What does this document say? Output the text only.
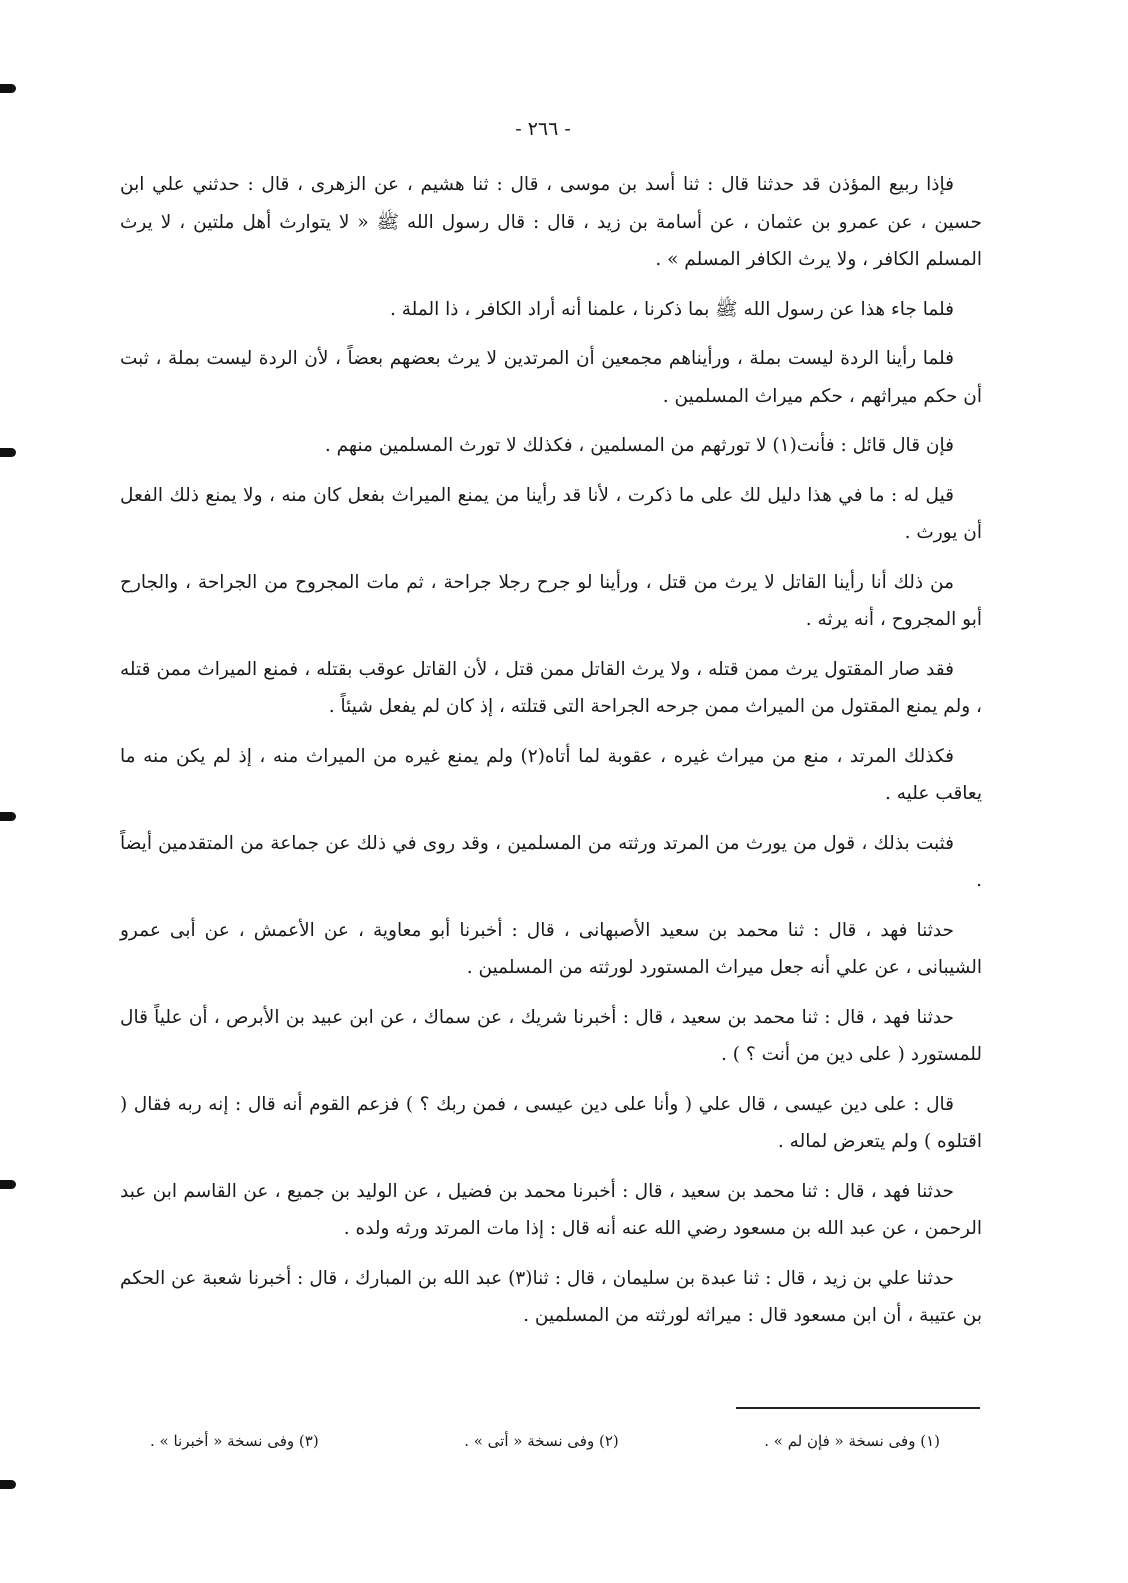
- ٢٦٦ -

فإذا ربيع المؤذن قد حدثنا قال : ثنا أسد بن موسى ، قال : ثنا هشيم ، عن الزهرى ، قال : حدثني علي ابن حسين ، عن عمرو بن عثمان ، عن أسامة بن زيد ، قال : قال رسول الله ﷺ « لا يتوارث أهل ملتين ، لا يرث المسلم الكافر ، ولا يرث الكافر المسلم » .

فلما جاء هذا عن رسول الله ﷺ بما ذكرنا ، علمنا أنه أراد الكافر ، ذا الملة .

فلما رأينا الردة ليست بملة ، ورأيناهم مجمعين أن المرتدين لا يرث بعضهم بعضاً ، لأن الردة ليست بملة ، ثبت أن حكم ميراثهم ، حكم ميراث المسلمين .

فإن قال قائل : فأنت(١) لا تورثهم من المسلمين ، فكذلك لا تورث المسلمين منهم .

قيل له : ما في هذا دليل لك على ما ذكرت ، لأنا قد رأينا من يمنع الميراث بفعل كان منه ، ولا يمنع ذلك الفعل أن يورث .

من ذلك أنا رأينا القاتل لا يرث من قتل ، ورأينا لو جرح رجلا جراحة ، ثم مات المجروح من الجراحة ، والجارح أبو المجروح ، أنه يرثه .

فقد صار المقتول يرث ممن قتله ، ولا يرث القاتل ممن قتل ، لأن القاتل عوقب بقتله ، فمنع الميراث ممن قتله ، ولم يمنع المقتول من الميراث ممن جرحه الجراحة التى قتلته ، إذ كان لم يفعل شيئاً .

فكذلك المرتد ، منع من ميراث غيره ، عقوبة لما أتاه(٢) ولم يمنع غيره من الميراث منه ، إذ لم يكن منه ما يعاقب عليه .

فثبت بذلك ، قول من يورث من المرتد ورثته من المسلمين ، وقد روى في ذلك عن جماعة من المتقدمين أيضاً .

حدثنا فهد ، قال : ثنا محمد بن سعيد الأصبهانى ، قال : أخبرنا أبو معاوية ، عن الأعمش ، عن أبى عمرو الشيبانى ، عن علي أنه جعل ميراث المستورد لورثته من المسلمين .

حدثنا فهد ، قال : ثنا محمد بن سعيد ، قال : أخبرنا شريك ، عن سماك ، عن ابن عبيد بن الأبرص ، أن علياً قال للمستورد ( على دين من أنت ؟ ) .

قال : على دين عيسى ، قال علي ( وأنا على دين عيسى ، فمن ربك ؟ ) فزعم القوم أنه قال : إنه ربه فقال ( اقتلوه ) ولم يتعرض لماله .

حدثنا فهد ، قال : ثنا محمد بن سعيد ، قال : أخبرنا محمد بن فضيل ، عن الوليد بن جميع ، عن القاسم ابن عبد الرحمن ، عن عبد الله بن مسعود رضي الله عنه أنه قال : إذا مات المرتد ورثه ولده .

حدثنا علي بن زيد ، قال : ثنا عبدة بن سليمان ، قال : ثنا(٣) عبد الله بن المبارك ، قال : أخبرنا شعبة عن الحكم بن عتيبة ، أن ابن مسعود قال : ميراثه لورثته من المسلمين .

(١) وفى نسخة « فإن لم » .
(٢) وفى نسخة « أتى » .
(٣) وفى نسخة « أخبرنا » .
